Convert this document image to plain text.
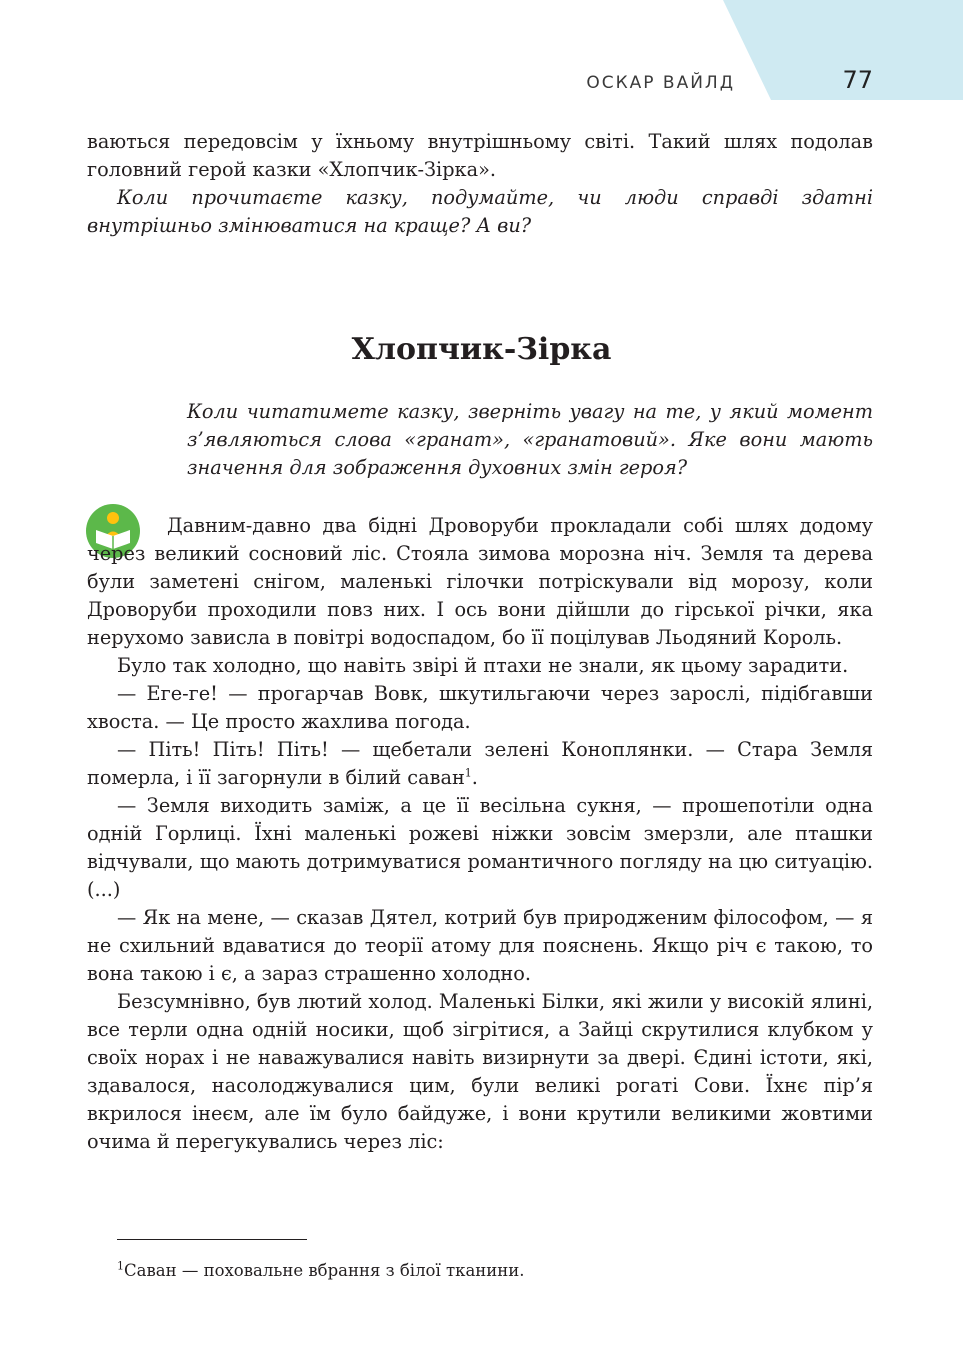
ОСКАР ВАЙЛД	77

ваються передовсім у їхньому внутрішньому світі. Такий шлях подолав головний герой казки «Хлопчик-Зірка».

Коли прочитаєте казку, подумайте, чи люди справді здатні внутрішньо змінюватися на краще? А ви?

Хлопчик-Зірка
Коли читатимете казку, зверніть увагу на те, у який момент з’являються слова «гранат», «гранатовий». Яке вони мають значення для зображення духовних змін героя?

Давним-давно два бідні Дроворуби прокладали собі шлях додому через великий сосновий ліс. Стояла зимова морозна ніч. Земля та дерева були заметені снігом, маленькі гілочки потріскували від морозу, коли Дроворуби проходили повз них. І ось вони дійшли до гірської річки, яка нерухомо зависла в повітрі водоспадом, бо її поцілував Льодяний Король.

Було так холодно, що навіть звірі й птахи не знали, як цьому зарадити.

— Еге-ге! — прогарчав Вовк, шкутильгаючи через зарослі, підібгавши хвоста. — Це просто жахлива погода.

— Піть! Піть! Піть! — щебетали зелені Коноплянки. — Стара Земля померла, і її загорнули в білий саван$^1$.

— Земля виходить заміж, а це її весільна сукня, — прошепотіли одна одній Горлиці. Їхні маленькі рожеві ніжки зовсім змерзли, але пташки відчували, що мають дотримуватися романтичного погляду на цю ситуацію. (...)

— Як на мене, — сказав Дятел, котрий був природженим філософом, — я не схильний вдаватися до теорії атому для пояснень. Якщо річ є такою, то вона такою і є, а зараз страшенно холодно.

Безсумнівно, був лютий холод. Маленькі Білки, які жили у високій ялині, все терли одна одній носики, щоб зігрітися, а Зайці скрутилися клубком у своїх норах і не наважувалися навіть визирнути за двері. Єдині істоти, які, здавалося, насолоджувалися цим, були великі рогаті Сови. Їхнє пір’я вкрилося інеєм, але їм було байдуже, і вони крутили великими жовтими очима й перегукувались через ліс:

$^1$Саван — поховальне вбрання з білої тканини.
